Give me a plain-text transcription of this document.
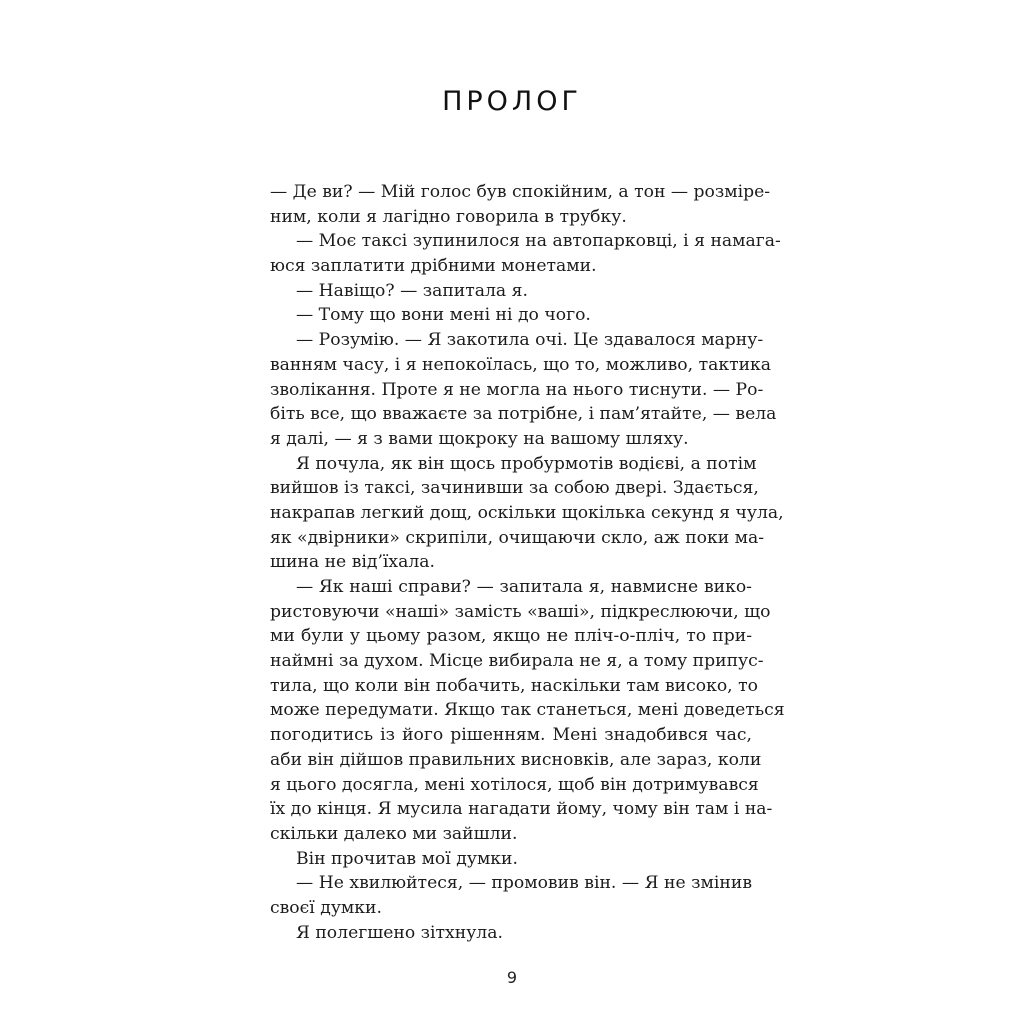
ПРОЛОГ
— Де ви? — Мій голос був спокійним, а тон — розміре-
ним, коли я лагідно говорила в трубку.
— Моє таксі зупинилося на автопарковці, і я намага-
юся заплатити дрібними монетами.
— Навіщо? — запитала я.
— Тому що вони мені ні до чого.
— Розумію. — Я закотила очі. Це здавалося марну-
ванням часу, і я непокоїлась, що то, можливо, тактика
зволікання. Проте я не могла на нього тиснути. — Ро-
біть все, що вважаєте за потрібне, і пам’ятайте, — вела
я далі, — я з вами щокроку на вашому шляху.
Я почула, як він щось пробурмотів водієві, а потім
вийшов із таксі, зачинивши за собою двері. Здається,
накрапав легкий дощ, оскільки щокілька секунд я чула,
як «двірники» скрипіли, очищаючи скло, аж поки ма-
шина не від’їхала.
— Як наші справи? — запитала я, навмисне вико-
ристовуючи «наші» замість «ваші», підкреслюючи, що
ми були у цьому разом, якщо не пліч-о-пліч, то при-
наймні за духом. Місце вибирала не я, а тому припус-
тила, що коли він побачить, наскільки там високо, то
може передумати. Якщо так станеться, мені доведеться
погодитись із його рішенням. Мені знадобився час,
аби він дійшов правильних висновків, але зараз, коли
я цього досягла, мені хотілося, щоб він дотримувався
їх до кінця. Я мусила нагадати йому, чому він там і на-
скільки далеко ми зайшли.
Він прочитав мої думки.
— Не хвилюйтеся, — промовив він. — Я не змінив
своєї думки.
Я полегшено зітхнула.
9
